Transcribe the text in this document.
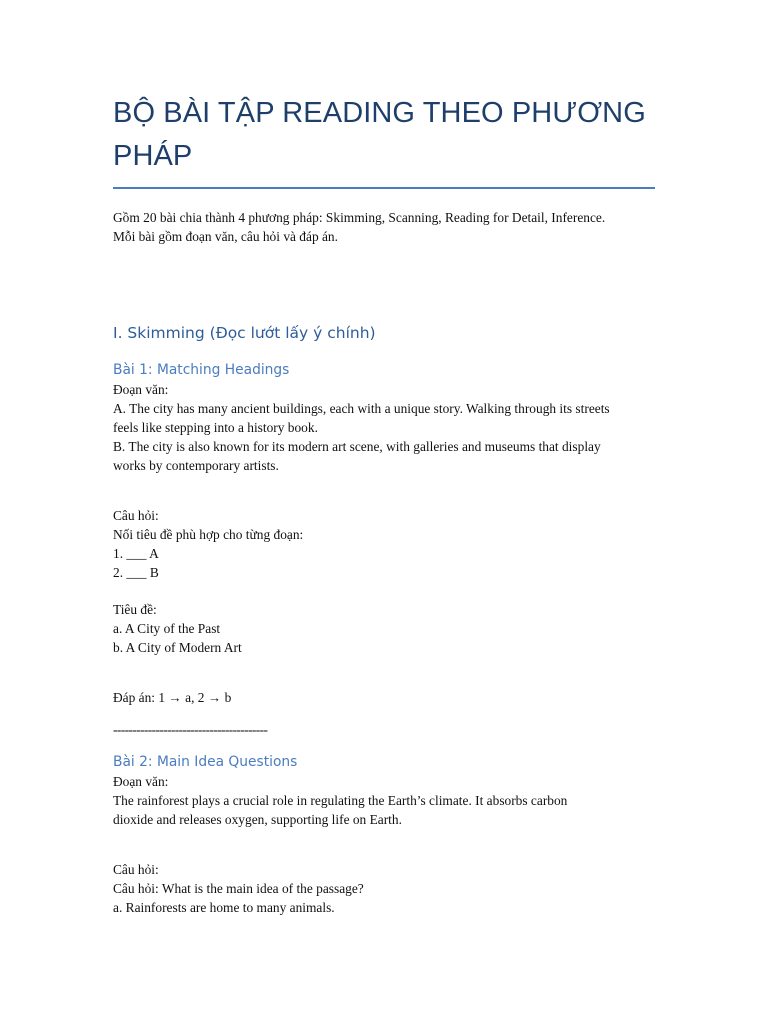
BỘ BÀI TẬP READING THEO PHƯƠNG
PHÁP

Gồm 20 bài chia thành 4 phương pháp: Skimming, Scanning, Reading for Detail, Inference.
Mỗi bài gồm đoạn văn, câu hỏi và đáp án.

I. Skimming (Đọc lướt lấy ý chính)
Bài 1: Matching Headings
Đoạn văn:
A. The city has many ancient buildings, each with a unique story. Walking through its streets
feels like stepping into a history book.
B. The city is also known for its modern art scene, with galleries and museums that display
works by contemporary artists.
Câu hỏi:
Nối tiêu đề phù hợp cho từng đoạn:
1. ___ A
2. ___ B
Tiêu đề:
a. A City of the Past
b. A City of Modern Art

Đáp án: 1 → a, 2 → b

----------------------------------------

Bài 2: Main Idea Questions
Đoạn văn:
The rainforest plays a crucial role in regulating the Earth’s climate. It absorbs carbon
dioxide and releases oxygen, supporting life on Earth.
Câu hỏi:
Câu hỏi: What is the main idea of the passage?
a. Rainforests are home to many animals.
